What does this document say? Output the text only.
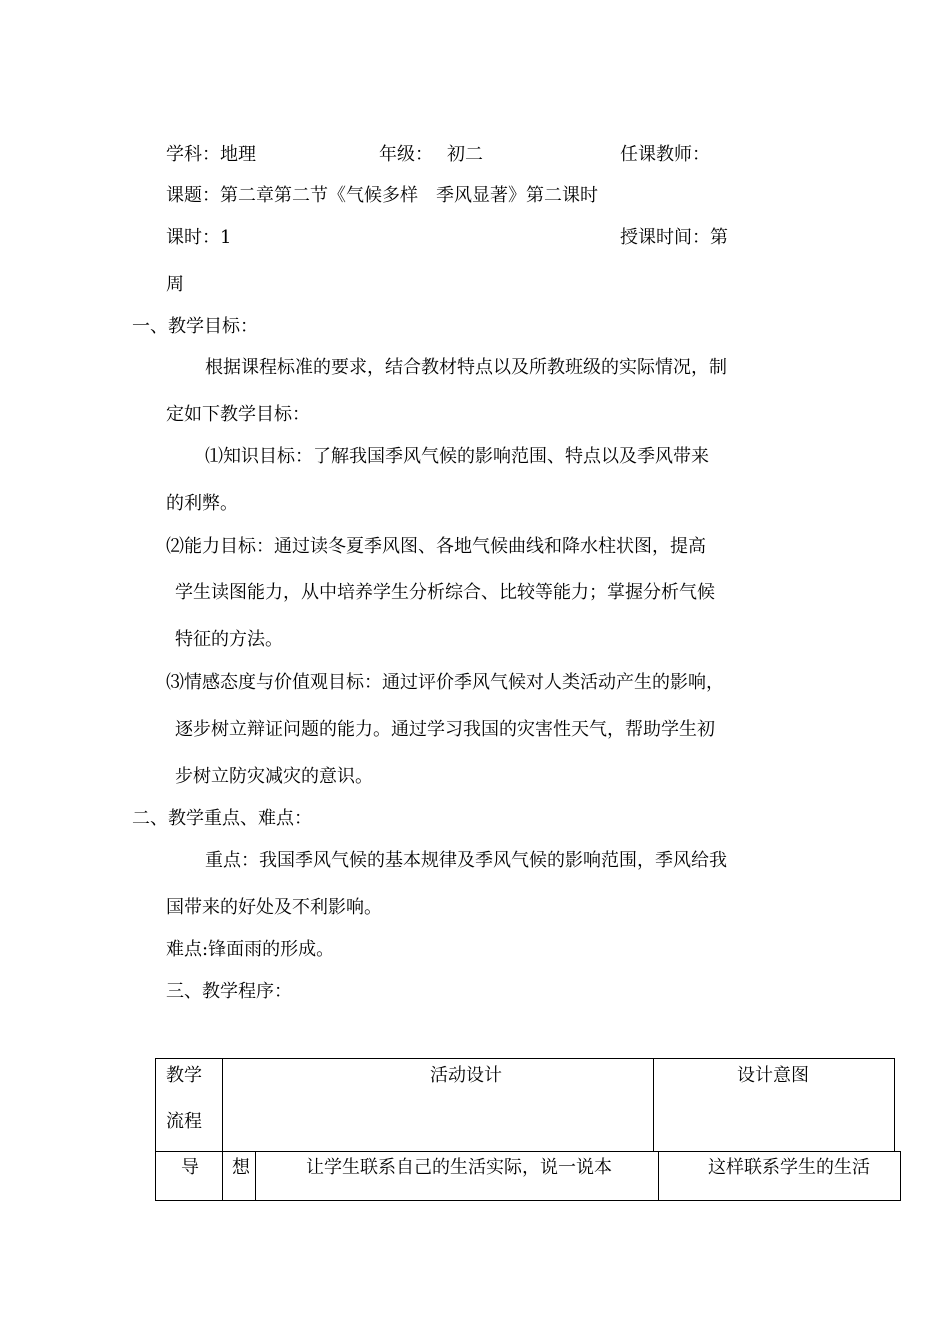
学科：地理	年级： 初二	任课教师：
课题：第二章第二节《气候多样　季风显著》第二课时
课时：1	授课时间：第
周
一、教学目标：
根据课程标准的要求，结合教材特点以及所教班级的实际情况，制
定如下教学目标：
⑴知识目标：了解我国季风气候的影响范围、特点以及季风带来
的利弊。
⑵能力目标：通过读冬夏季风图、各地气候曲线和降水柱状图，提高
学生读图能力，从中培养学生分析综合、比较等能力；掌握分析气候
特征的方法。
⑶情感态度与价值观目标：通过评价季风气候对人类活动产生的影响，
逐步树立辩证问题的能力。通过学习我国的灾害性天气，帮助学生初
步树立防灾减灾的意识。
二、教学重点、难点：
重点：我国季风气候的基本规律及季风气候的影响范围，季风给我
国带来的好处及不利影响。
难点:锋面雨的形成。
三、教学程序：
教学
流程
活动设计	设计意图
导 想	让学生联系自己的生活实际，说一说本	这样联系学生的生活
